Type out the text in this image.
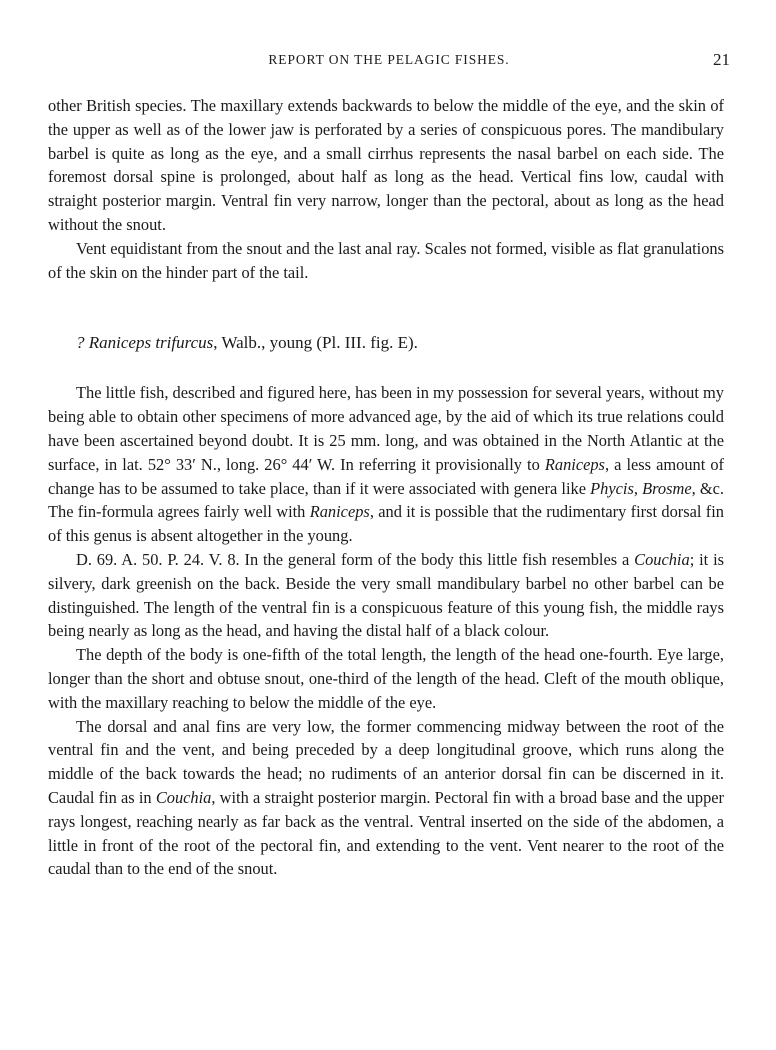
REPORT ON THE PELAGIC FISHES.	21

other British species. The maxillary extends backwards to below the middle of the eye, and the skin of the upper as well as of the lower jaw is perforated by a series of conspicuous pores. The mandibulary barbel is quite as long as the eye, and a small cirrhus represents the nasal barbel on each side. The foremost dorsal spine is prolonged, about half as long as the head. Vertical fins low, caudal with straight posterior margin. Ventral fin very narrow, longer than the pectoral, about as long as the head without the snout.

Vent equidistant from the snout and the last anal ray. Scales not formed, visible as flat granulations of the skin on the hinder part of the tail.

? Raniceps trifurcus, Walb., young (Pl. III. fig. E).

The little fish, described and figured here, has been in my possession for several years, without my being able to obtain other specimens of more advanced age, by the aid of which its true relations could have been ascertained beyond doubt. It is 25 mm. long, and was obtained in the North Atlantic at the surface, in lat. 52° 33′ N., long. 26° 44′ W. In referring it provisionally to Raniceps, a less amount of change has to be assumed to take place, than if it were associated with genera like Phycis, Brosme, &c. The fin-formula agrees fairly well with Raniceps, and it is possible that the rudimentary first dorsal fin of this genus is absent altogether in the young.

D. 69. A. 50. P. 24. V. 8. In the general form of the body this little fish resembles a Couchia; it is silvery, dark greenish on the back. Beside the very small mandibulary barbel no other barbel can be distinguished. The length of the ventral fin is a conspicuous feature of this young fish, the middle rays being nearly as long as the head, and having the distal half of a black colour.

The depth of the body is one-fifth of the total length, the length of the head one-fourth. Eye large, longer than the short and obtuse snout, one-third of the length of the head. Cleft of the mouth oblique, with the maxillary reaching to below the middle of the eye.

The dorsal and anal fins are very low, the former commencing midway between the root of the ventral fin and the vent, and being preceded by a deep longitudinal groove, which runs along the middle of the back towards the head; no rudiments of an anterior dorsal fin can be discerned in it. Caudal fin as in Couchia, with a straight posterior margin. Pectoral fin with a broad base and the upper rays longest, reaching nearly as far back as the ventral. Ventral inserted on the side of the abdomen, a little in front of the root of the pectoral fin, and extending to the vent. Vent nearer to the root of the caudal than to the end of the snout.
